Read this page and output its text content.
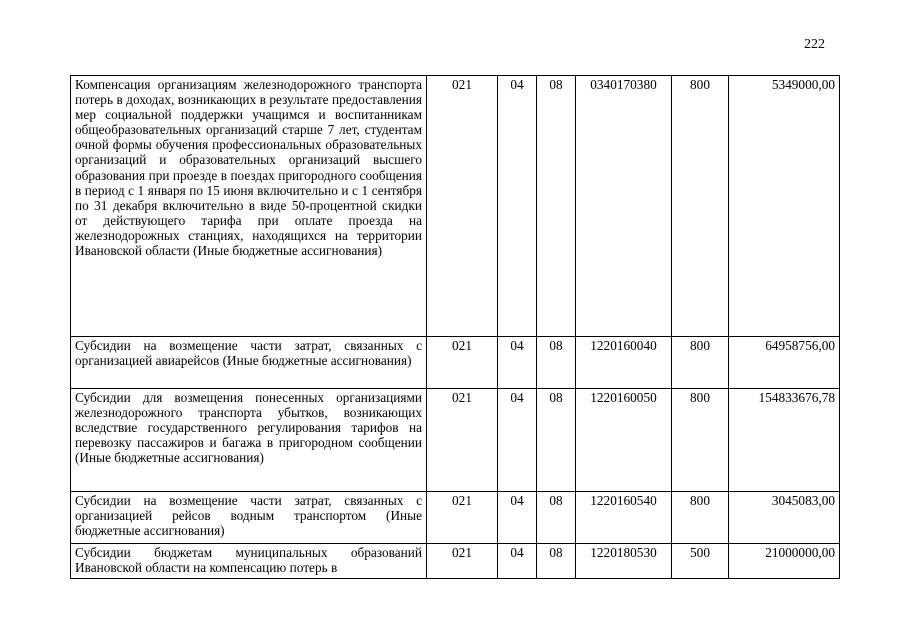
222
Компенсация организациям железнодорожного транспорта потерь в доходах, возникающих в результате предоставления мер социальной поддержки учащимся и воспитанникам общеобразовательных организаций старше 7 лет, студентам очной формы обучения профессиональных образовательных организаций и образовательных организаций высшего образования при проезде в поездах пригородного сообщения в период с 1 января по 15 июня включительно и с 1 сентября по 31 декабря включительно в виде 50-процентной скидки от действующего тарифа при оплате проезда на железнодорожных станциях, находящихся на территории Ивановской области (Иные бюджетные ассигнования)	021	04	08	0340170380	800	5349000,00
Субсидии на возмещение части затрат, связанных с организацией авиарейсов (Иные бюджетные ассигнования)	021	04	08	1220160040	800	64958756,00
Субсидии для возмещения понесенных организациями железнодорожного транспорта убытков, возникающих вследствие государственного регулирования тарифов на перевозку пассажиров и багажа в пригородном сообщении (Иные бюджетные ассигнования)	021	04	08	1220160050	800	154833676,78
Субсидии на возмещение части затрат, связанных с организацией рейсов водным транспортом (Иные бюджетные ассигнования)	021	04	08	1220160540	800	3045083,00
Субсидии бюджетам муниципальных образований Ивановской области на компенсацию потерь в	021	04	08	1220180530	500	21000000,00
